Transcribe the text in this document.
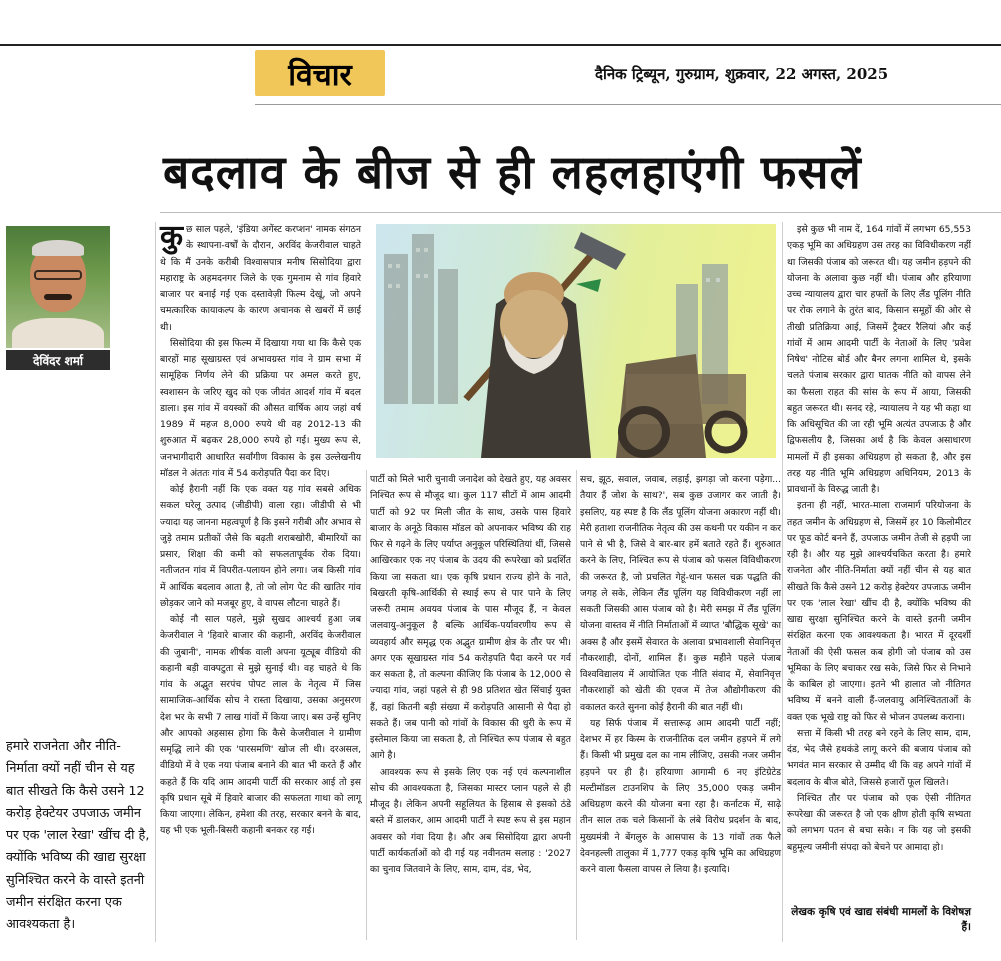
विचार	दैनिक ट्रिब्यून, गुरुग्राम, शुक्रवार, 22 अगस्त, 2025
बदलाव के बीज से ही लहलहाएंगी फसलें
देविंदर शर्मा
हमारे राजनेता और नीति-निर्माता क्यों नहीं चीन से यह बात सीखते कि कैसे उसने 12 करोड़ हेक्टेयर उपजाऊ जमीन पर एक 'लाल रेखा' खींच दी है, क्योंकि भविष्य की खाद्य सुरक्षा सुनिश्चित करने के वास्ते इतनी जमीन संरक्षित करना एक आवश्यकता है।

कुछ साल पहले, 'इंडिया अगेंस्ट करप्शन' नामक संगठन के स्थापना-वर्षों के दौरान, अरविंद केजरीवाल चाहते थे कि मैं उनके करीबी विश्वासपात्र मनीष सिसोदिया द्वारा महाराष्ट्र के अहमदनगर जिले के एक गुमनाम से गांव हिवारे बाजार पर बनाई गई एक दस्तावेज़ी फिल्म देखूं, जो अपने चमत्कारिक कायाकल्प के कारण अचानक से खबरों में छाई थी।

सिसोदिया की इस फिल्म में दिखाया गया था कि कैसे एक बारहों माह सूखाग्रस्त एवं अभावग्रस्त गांव ने ग्राम सभा में सामूहिक निर्णय लेने की प्रक्रिया पर अमल करते हुए, स्वशासन के जरिए खुद को एक जीवंत आदर्श गांव में बदल डाला। इस गांव में वयस्कों की औसत वार्षिक आय जहां वर्ष 1989 में महज 8,000 रुपये थी वह 2012-13 की शुरुआत में बढ़कर 28,000 रुपये हो गई। मुख्य रूप से, जनभागीदारी आधारित सर्वांगीण विकास के इस उल्लेखनीय मॉडल ने अंततः गांव में 54 करोड़पति पैदा कर दिए।

कोई हैरानी नहीं कि एक वक्त यह गांव सबसे अधिक सकल घरेलू उत्पाद (जीडीपी) वाला रहा। जीडीपी से भी ज्यादा यह जानना महत्वपूर्ण है कि इसने गरीबी और अभाव से जुड़े तमाम प्रतीकों जैसे कि बढ़ती शराबखोरी, बीमारियों का प्रसार, शिक्षा की कमी को सफलतापूर्वक रोक दिया। नतीजतन गांव में विपरीत-पलायन होने लगा। जब किसी गांव में आर्थिक बदलाव आता है, तो जो लोग पेट की खातिर गांव छोड़कर जाने को मजबूर हुए, वे वापस लौटना चाहते हैं।

कोई नौ साल पहले, मुझे सुखद आश्चर्य हुआ जब केजरीवाल ने 'हिवारे बाजार की कहानी, अरविंद केजरीवाल की जुबानी', नामक शीर्षक वाली अपना यूट्यूब वीडियो की कहानी बड़ी वाक्पटुता से मुझे सुनाई थी। वह चाहते थे कि गांव के अद्भुत सरपंच पोपट लाल के नेतृत्व में जिस सामाजिक-आर्थिक सोच ने रास्ता दिखाया, उसका अनुसरण देश भर के सभी 7 लाख गांवों में किया जाए। बस उन्हें सुनिए और आपको अहसास होगा कि कैसे केजरीवाल ने ग्रामीण समृद्धि लाने की एक 'पारसमणि' खोज ली थी। दरअसल, वीडियो में वे एक नया पंजाब बनाने की बात भी करते हैं और कहते हैं कि यदि आम आदमी पार्टी की सरकार आई तो इस कृषि प्रधान सूबे में हिवारे बाजार की सफलता गाथा को लागू किया जाएगा। लेकिन, हमेशा की तरह, सरकार बनने के बाद, यह भी एक भूली-बिसरी कहानी बनकर रह गई।

पार्टी को मिले भारी चुनावी जनादेश को देखते हुए, यह अवसर निश्चित रूप से मौजूद था। कुल 117 सीटों में आम आदमी पार्टी को 92 पर मिली जीत के साथ, उसके पास हिवारे बाजार के अनूठे विकास मॉडल को अपनाकर भविष्य की राह फिर से गढ़ने के लिए पर्याप्त अनुकूल परिस्थितियां थीं, जिससे आखिरकार एक नए पंजाब के उदय की रूपरेखा को प्रदर्शित किया जा सकता था। एक कृषि प्रधान राज्य होने के नाते, बिखरती कृषि-आर्थिकी से स्थाई रूप से पार पाने के लिए जरूरी तमाम अवयव पंजाब के पास मौजूद हैं, न केवल जलवायु-अनुकूल है बल्कि आर्थिक-पर्यावरणीय रूप से व्यवहार्य और समृद्ध एक अद्भुत ग्रामीण क्षेत्र के तौर पर भी। अगर एक सूखाग्रस्त गांव 54 करोड़पति पैदा करने पर गर्व कर सकता है, तो कल्पना कीजिए कि पंजाब के 12,000 से ज्यादा गांव, जहां पहले से ही 98 प्रतिशत खेत सिंचाई युक्त हैं, वहां कितनी बड़ी संख्या में करोड़पति आसानी से पैदा हो सकते हैं। जब पानी को गांवों के विकास की धुरी के रूप में इस्तेमाल किया जा सकता है, तो निश्चित रूप पंजाब से बहुत आगे है।

आवश्यक रूप से इसके लिए एक नई एवं कल्पनाशील सोच की आवश्यकता है, जिसका मास्टर प्लान पहले से ही मौजूद है। लेकिन अपनी सहूलियत के हिसाब से इसको ठंडे बस्ते में डालकर, आम आदमी पार्टी ने स्पष्ट रूप से इस महान अवसर को गंवा दिया है। और अब सिसोदिया द्वारा अपनी पार्टी कार्यकर्ताओं को दी गई यह नवीनतम सलाह : '2027 का चुनाव जितवाने के लिए, साम, दाम, दंड, भेद,

सच, झूठ, सवाल, जवाब, लड़ाई, झगड़ा जो करना पड़ेगा... तैयार हैं जोश के साथ?', सब कुछ उजागर कर जाती है। इसलिए, यह स्पष्ट है कि लैंड पूलिंग योजना अकारण नहीं थी। मेरी हताशा राजनीतिक नेतृत्व की उस कथनी पर यकीन न कर पाने से भी है, जिसे वे बार-बार हमें बताते रहते हैं। शुरुआत करने के लिए, निश्चित रूप से पंजाब को फसल विविधीकरण की जरूरत है, जो प्रचलित गेहूं-धान फसल चक्र पद्धति की जगह ले सके, लेकिन लैंड पूलिंग यह विविधीकरण नहीं ला सकती जिसकी आस पंजाब को है। मेरी समझ में लैंड पूलिंग योजना वास्तव में नीति निर्माताओं में व्याप्त 'बौद्धिक सूखे' का अक्स है और इसमें सेवारत के अलावा प्रभावशाली सेवानिवृत्त नौकरशाही, दोनों, शामिल हैं। कुछ महीने पहले पंजाब विश्वविद्यालय में आयोजित एक नीति संवाद में, सेवानिवृत्त नौकरशाहों को खेती की एवज में तेज औद्योगीकरण की वकालत करते सुनना कोई हैरानी की बात नहीं थी।

यह सिर्फ पंजाब में सत्तारूढ़ आम आदमी पार्टी नहीं; देशभर में हर किस्म के राजनीतिक दल जमीन हड़पने में लगे हैं। किसी भी प्रमुख दल का नाम लीजिए, उसकी नजर जमीन हड़पने पर ही है। हरियाणा आगामी 6 नए इंटिग्रेटेड मल्टीमॉडल टाउनशिप के लिए 35,000 एकड़ जमीन अधिग्रहण करने की योजना बना रहा है। कर्नाटक में, साढ़े तीन साल तक चले किसानों के लंबे विरोध प्रदर्शन के बाद, मुख्यमंत्री ने बेंगलुरु के आसपास के 13 गांवों तक फैले देवनहल्ली तालुका में 1,777 एकड़ कृषि भूमि का अधिग्रहण करने वाला फैसला वापस ले लिया है। इत्यादि।

इसे कुछ भी नाम दें, 164 गांवों में लगभग 65,553 एकड़ भूमि का अधिग्रहण उस तरह का विविधीकरण नहीं था जिसकी पंजाब को जरूरत थी। यह जमीन हड़पने की योजना के अलावा कुछ नहीं थी। पंजाब और हरियाणा उच्च न्यायालय द्वारा चार हफ्तों के लिए लैंड पूलिंग नीति पर रोक लगाने के तुरंत बाद, किसान समूहों की ओर से तीखी प्रतिक्रिया आई, जिसमें ट्रैक्टर रैलियां और कई गांवों में आम आदमी पार्टी के नेताओं के लिए 'प्रवेश निषेध' नोटिस बोर्ड और बैनर लगना शामिल थे, इसके चलते पंजाब सरकार द्वारा घातक नीति को वापस लेने का फैसला राहत की सांस के रूप में आया, जिसकी बहुत जरूरत थी। सनद रहे, न्यायालय ने यह भी कहा था कि अधिसूचित की जा रही भूमि अत्यंत उपजाऊ है और द्विफसलीय है, जिसका अर्थ है कि केवल असाधारण मामलों में ही इसका अधिग्रहण हो सकता है, और इस तरह यह नीति भूमि अधिग्रहण अधिनियम, 2013 के प्रावधानों के विरुद्ध जाती है।

इतना ही नहीं, भारत-माला राजमार्ग परियोजना के तहत जमीन के अधिग्रहण से, जिसमें हर 10 किलोमीटर पर फूड कोर्ट बनने हैं, उपजाऊ जमीन तेजी से हड़पी जा रही है। और यह मुझे आश्चर्यचकित करता है। हमारे राजनेता और नीति-निर्माता क्यों नहीं चीन से यह बात सीखते कि कैसे उसने 12 करोड़ हेक्टेयर उपजाऊ जमीन पर एक 'लाल रेखा' खींच दी है, क्योंकि भविष्य की खाद्य सुरक्षा सुनिश्चित करने के वास्ते इतनी जमीन संरक्षित करना एक आवश्यकता है। भारत में दूरदर्शी नेताओं की ऐसी फसल कब होगी जो पंजाब को उस भूमिका के लिए बचाकर रख सके, जिसे फिर से निभाने के काबिल हो जाएगा। इतने भी हालात जो नीतिगत भविष्य में बनने वाली हैं-जलवायु अनिश्चितताओं के वक्त एक भूखे राष्ट्र को फिर से भोजन उपलब्ध कराना।

सत्ता में किसी भी तरह बने रहने के लिए साम, दाम, दंड, भेद जैसे हथकंडे लागू करने की बजाय पंजाब को भगवंत मान सरकार से उम्मीद थी कि वह अपने गांवों में बदलाव के बीज बोते, जिससे हजारों फूल खिलते।

निश्चित तौर पर पंजाब को एक ऐसी नीतिगत रूपरेखा की जरूरत है जो एक क्षीण होती कृषि सभ्यता को लगभग पतन से बचा सके। न कि यह जो इसकी बहुमूल्य जमीनी संपदा को बेचने पर आमादा हो।

लेखक कृषि एवं खाद्य संबंधी मामलों के विशेषज्ञ हैं।
